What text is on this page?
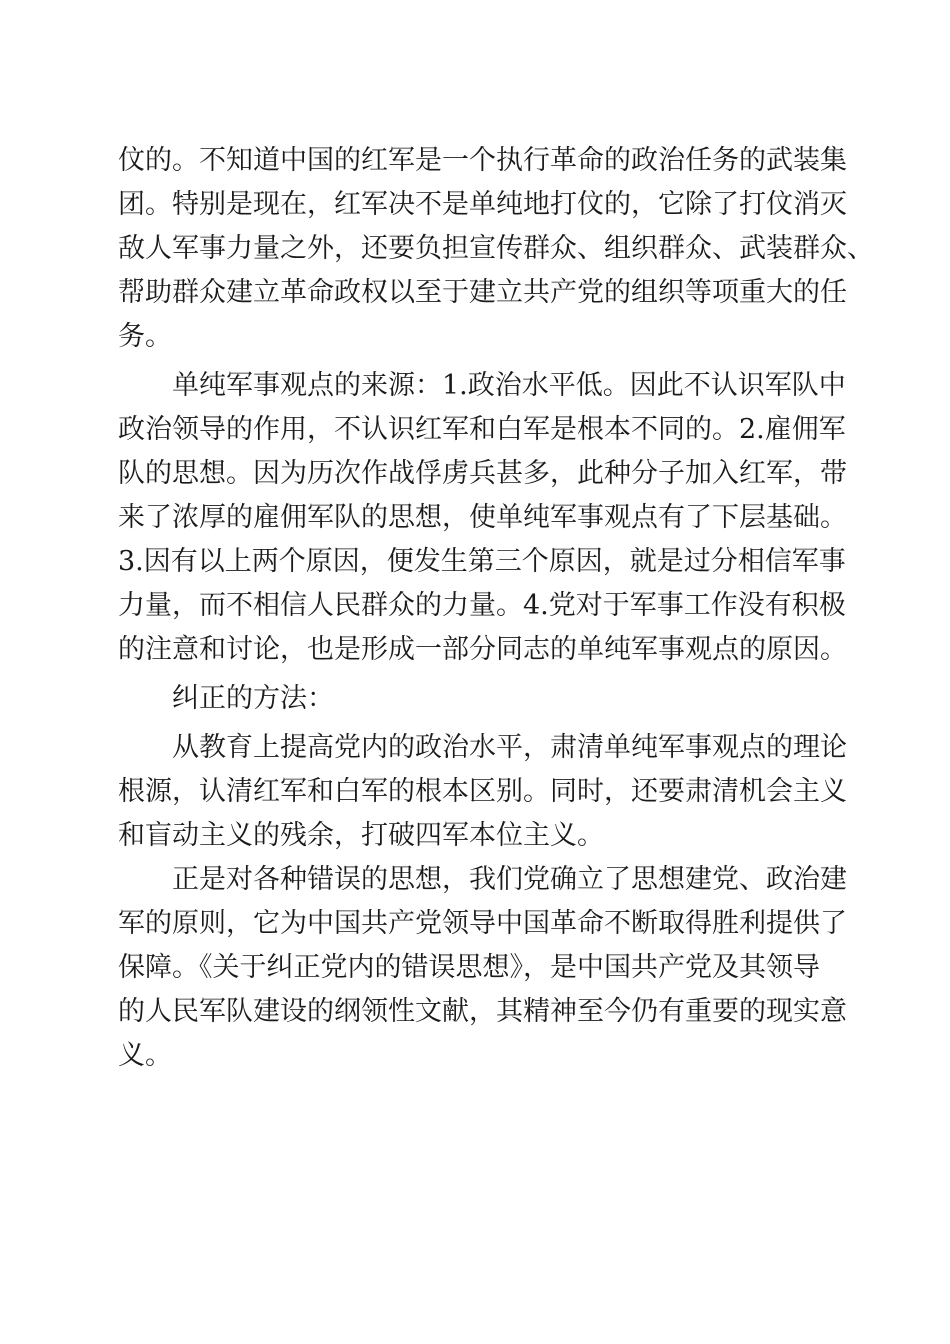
伩的。不知道中国的红军是一个执行革命的政治任务的武装集
团。特别是现在，红军决不是单纯地打伩的，它除了打伩消灭
敌人军事力量之外，还要负担宣传群众、组织群众、武装群众、
帮助群众建立革命政权以至于建立共产党的组织等项重大的任
务。
单纯军事观点的来源：1.政治水平低。因此不认识军队中
政治领导的作用，不认识红军和白军是根本不同的。2.雇佣军
队的思想。因为历次作战俘虏兵甚多，此种分子加入红军，带
来了浓厚的雇佣军队的思想，使单纯军事观点有了下层基础。
3.因有以上两个原因，便发生第三个原因，就是过分相信军事
力量，而不相信人民群众的力量。4.党对于军事工作没有积极
的注意和讨论，也是形成一部分同志的单纯军事观点的原因。
纠正的方法：
从教育上提高党内的政治水平，肃清单纯军事观点的理论
根源，认清红军和白军的根本区别。同时，还要肃清机会主义
和盲动主义的残余，打破四军本位主义。
正是对各种错误的思想，我们党确立了思想建党、政治建
军的原则，它为中国共产党领导中国革命不断取得胜利提供了
保障。《关于纠正党内的错误思想》，是中国共产党及其领导
的人民军队建设的纲领性文献，其精神至今仍有重要的现实意
义。
